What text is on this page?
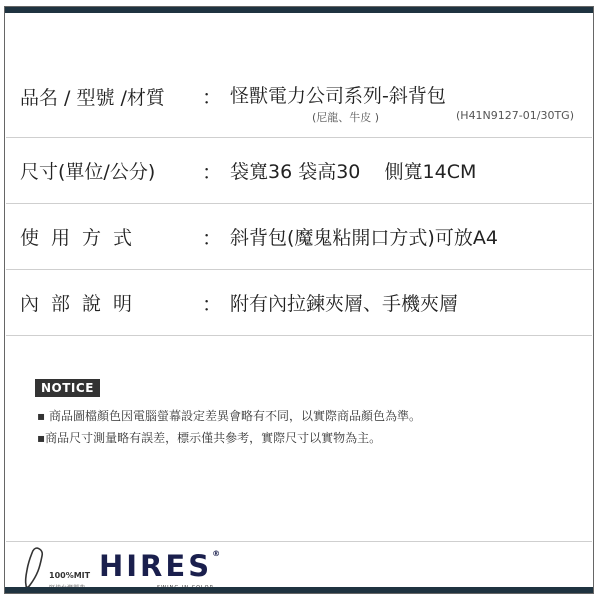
品名 / 型號 /材質 ： 怪獸電力公司系列-斜背包
(尼龍、牛皮 )	(H41N9127-01/30TG)
尺寸(單位/公分) ： 袋寬36 袋高30    側寬14CM
使用方式	： 斜背包(魔鬼粘開口方式)可放A4
內部說明	： 附有內拉鍊夾層、手機夾層
NOTICE
▪ 商品圖檔顏色因電腦螢幕設定差異會略有不同，以實際商品顏色為準。
▪商品尺寸測量略有誤差，標示僅共參考，實際尺寸以實物為主。
100%MIT HIRES®
